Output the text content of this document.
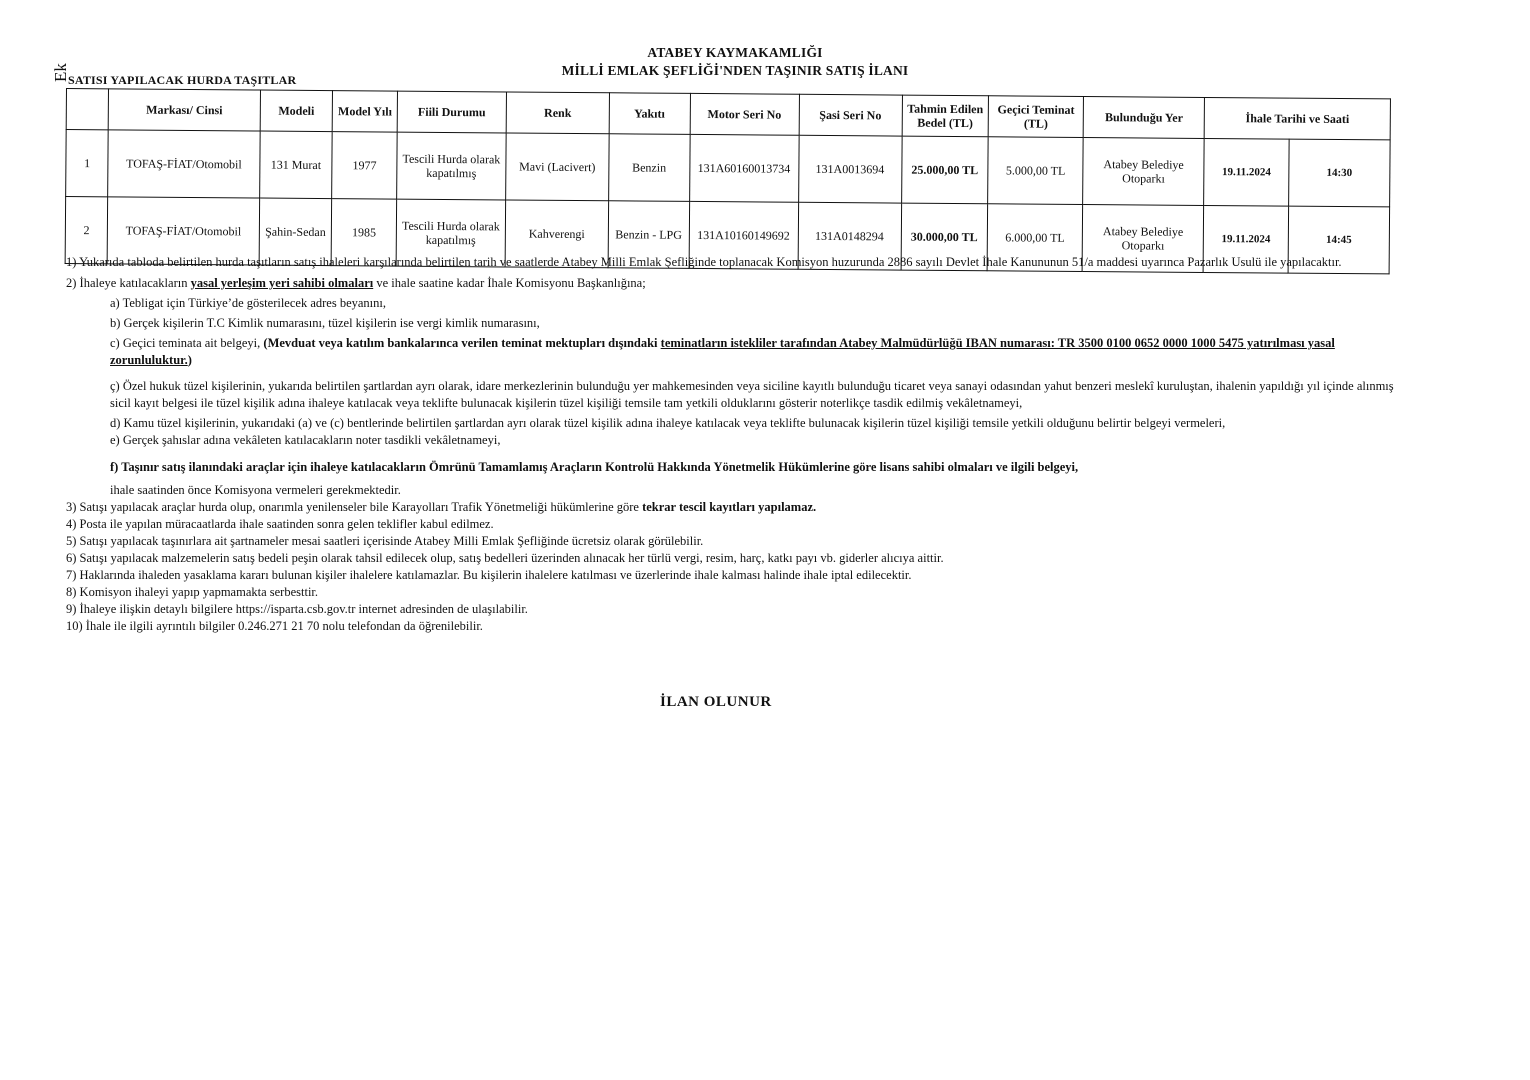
Ek
ATABEY KAYMAKAMLIĞI
MİLLİ EMLAK ŞEFLİĞİ'NDEN TAŞINIR SATIŞ İLANI
SATISI YAPILACAK HURDA TAŞITLAR
	Markası/ Cinsi	Modeli	Model Yılı	Fiili Durumu	Renk	Yakıtı	Motor Seri No	Şasi Seri No	Tahmin Edilen Bedel (TL)	Geçici Teminat (TL)	Bulunduğu Yer	İhale Tarihi ve Saati	
1	TOFAŞ-FİAT/Otomobil	131 Murat	1977	Tescili Hurda olarak kapatılmış	Mavi (Lacivert)	Benzin	131A60160013734	131A0013694	25.000,00 TL	5.000,00 TL	Atabey Belediye Otoparkı	19.11.2024	14:30
2	TOFAŞ-FİAT/Otomobil	Şahin-Sedan	1985	Tescili Hurda olarak kapatılmış	Kahverengi	Benzin - LPG	131A10160149692	131A0148294	30.000,00 TL	6.000,00 TL	Atabey Belediye Otoparkı	19.11.2024	14:45

1) Yukarıda tabloda belirtilen hurda taşıtların satış ihaleleri karşılarında belirtilen tarih ve saatlerde Atabey Milli Emlak Şefliğinde toplanacak Komisyon huzurunda 2886 sayılı Devlet İhale Kanununun 51/a maddesi uyarınca Pazarlık Usulü ile yapılacaktır.

2) İhaleye katılacakların yasal yerleşim yeri sahibi olmaları ve ihale saatine kadar İhale Komisyonu Başkanlığına;

a) Tebligat için Türkiye’de gösterilecek adres beyanını,

b) Gerçek kişilerin T.C Kimlik numarasını, tüzel kişilerin ise vergi kimlik numarasını,

c) Geçici teminata ait belgeyi, (Mevduat veya katılım bankalarınca verilen teminat mektupları dışındaki teminatların istekliler tarafından Atabey Malmüdürlüğü IBAN numarası: TR 3500 0100 0652 0000 1000 5475 yatırılması yasal zorunluluktur.)

ç) Özel hukuk tüzel kişilerinin, yukarıda belirtilen şartlardan ayrı olarak, idare merkezlerinin bulunduğu yer mahkemesinden veya siciline kayıtlı bulunduğu ticaret veya sanayi odasından yahut benzeri meslekî kuruluştan, ihalenin yapıldığı yıl içinde alınmış sicil kayıt belgesi ile tüzel kişilik adına ihaleye katılacak veya teklifte bulunacak kişilerin tüzel kişiliği temsile tam yetkili olduklarını gösterir noterlikçe tasdik edilmiş vekâletnameyi,

d) Kamu tüzel kişilerinin, yukarıdaki (a) ve (c) bentlerinde belirtilen şartlardan ayrı olarak tüzel kişilik adına ihaleye katılacak veya teklifte bulunacak kişilerin tüzel kişiliği temsile yetkili olduğunu belirtir belgeyi vermeleri,

e) Gerçek şahıslar adına vekâleten katılacakların noter tasdikli vekâletnameyi,

f) Taşınır satış ilanındaki araçlar için ihaleye katılacakların Ömrünü Tamamlamış Araçların Kontrolü Hakkında Yönetmelik Hükümlerine göre lisans sahibi olmaları ve ilgili belgeyi,

ihale saatinden önce Komisyona vermeleri gerekmektedir.

3) Satışı yapılacak araçlar hurda olup, onarımla yenilenseler bile Karayolları Trafik Yönetmeliği hükümlerine göre tekrar tescil kayıtları yapılamaz.

4) Posta ile yapılan müracaatlarda ihale saatinden sonra gelen teklifler kabul edilmez.

5) Satışı yapılacak taşınırlara ait şartnameler mesai saatleri içerisinde Atabey Milli Emlak Şefliğinde ücretsiz olarak görülebilir.

6) Satışı yapılacak malzemelerin satış bedeli peşin olarak tahsil edilecek olup, satış bedelleri üzerinden alınacak her türlü vergi, resim, harç, katkı payı vb. giderler alıcıya aittir.

7) Haklarında ihaleden yasaklama kararı bulunan kişiler ihalelere katılamazlar. Bu kişilerin ihalelere katılması ve üzerlerinde ihale kalması halinde ihale iptal edilecektir.

8) Komisyon ihaleyi yapıp yapmamakta serbesttir.

9) İhaleye ilişkin detaylı bilgilere https://isparta.csb.gov.tr internet adresinden de ulaşılabilir.

10) İhale ile ilgili ayrıntılı bilgiler 0.246.271 21 70 nolu telefondan da öğrenilebilir.

İLAN OLUNUR
